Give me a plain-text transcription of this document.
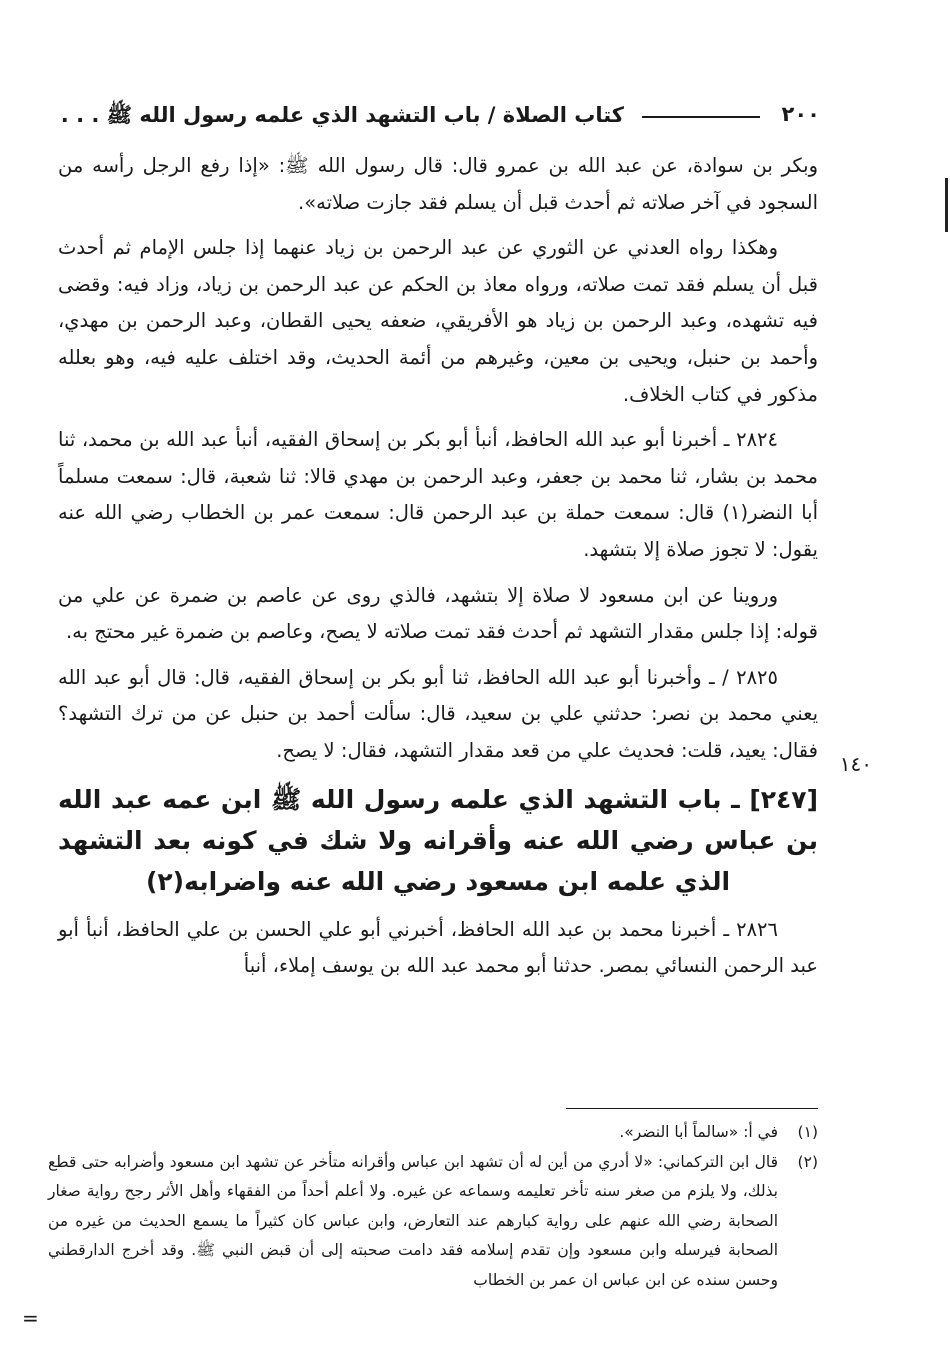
٢٠٠
كتاب الصلاة / باب التشهد الذي علمه رسول الله ﷺ . . .
١٤٠

وبكر بن سوادة، عن عبد الله بن عمرو قال: قال رسول الله ﷺ: «إذا رفع الرجل رأسه من السجود في آخر صلاته ثم أحدث قبل أن يسلم فقد جازت صلاته».

وهكذا رواه العدني عن الثوري عن عبد الرحمن بن زياد عنهما إذا جلس الإمام ثم أحدث قبل أن يسلم فقد تمت صلاته، ورواه معاذ بن الحكم عن عبد الرحمن بن زياد، وزاد فيه: وقضى فيه تشهده، وعبد الرحمن بن زياد هو الأفريقي، ضعفه يحيى القطان، وعبد الرحمن بن مهدي، وأحمد بن حنبل، ويحيى بن معين، وغيرهم من أئمة الحديث، وقد اختلف عليه فيه، وهو بعلله مذكور في كتاب الخلاف.

٢٨٢٤ ـ أخبرنا أبو عبد الله الحافظ، أنبأ أبو بكر بن إسحاق الفقيه، أنبأ عبد الله بن محمد، ثنا محمد بن بشار، ثنا محمد بن جعفر، وعبد الرحمن بن مهدي قالا: ثنا شعبة، قال: سمعت مسلماً أبا النضر(١) قال: سمعت حملة بن عبد الرحمن قال: سمعت عمر بن الخطاب رضي الله عنه يقول: لا تجوز صلاة إلا بتشهد.

وروينا عن ابن مسعود لا صلاة إلا بتشهد، فالذي روى عن عاصم بن ضمرة عن علي من قوله: إذا جلس مقدار التشهد ثم أحدث فقد تمت صلاته لا يصح، وعاصم بن ضمرة غير محتج به.

٢٨٢٥ / ـ وأخبرنا أبو عبد الله الحافظ، ثنا أبو بكر بن إسحاق الفقيه، قال: قال أبو عبد الله يعني محمد بن نصر: حدثني علي بن سعيد، قال: سألت أحمد بن حنبل عن من ترك التشهد؟ فقال: يعيد، قلت: فحديث علي من قعد مقدار التشهد، فقال: لا يصح.

[٢٤٧] ـ باب التشهد الذي علمه رسول الله ﷺ ابن عمه عبد الله بن عباس رضي الله عنه وأقرانه ولا شك في كونه بعد التشهد الذي علمه ابن مسعود رضي الله عنه واضرابه(٢)

٢٨٢٦ ـ أخبرنا محمد بن عبد الله الحافظ، أخبرني أبو علي الحسن بن علي الحافظ، أنبأ أبو عبد الرحمن النسائي بمصر. حدثنا أبو محمد عبد الله بن يوسف إملاء، أنبأ

(١)في أ: «سالماً أبا النضر».

(٢)قال ابن التركماني: «لا أدري من أين له أن تشهد ابن عباس وأقرانه متأخر عن تشهد ابن مسعود وأضرابه حتى قطع بذلك، ولا يلزم من صغر سنه تأخر تعليمه وسماعه عن غيره. ولا أعلم أحداً من الفقهاء وأهل الأثر رجح رواية صغار الصحابة رضي الله عنهم على رواية كبارهم عند التعارض، وابن عباس كان كثيراً ما يسمع الحديث من غيره من الصحابة فيرسله وابن مسعود وإن تقدم إسلامه فقد دامت صحبته إلى أن قبض النبي ﷺ. وقد أخرج الدارقطني وحسن سنده عن ابن عباس ان عمر بن الخطاب

=
